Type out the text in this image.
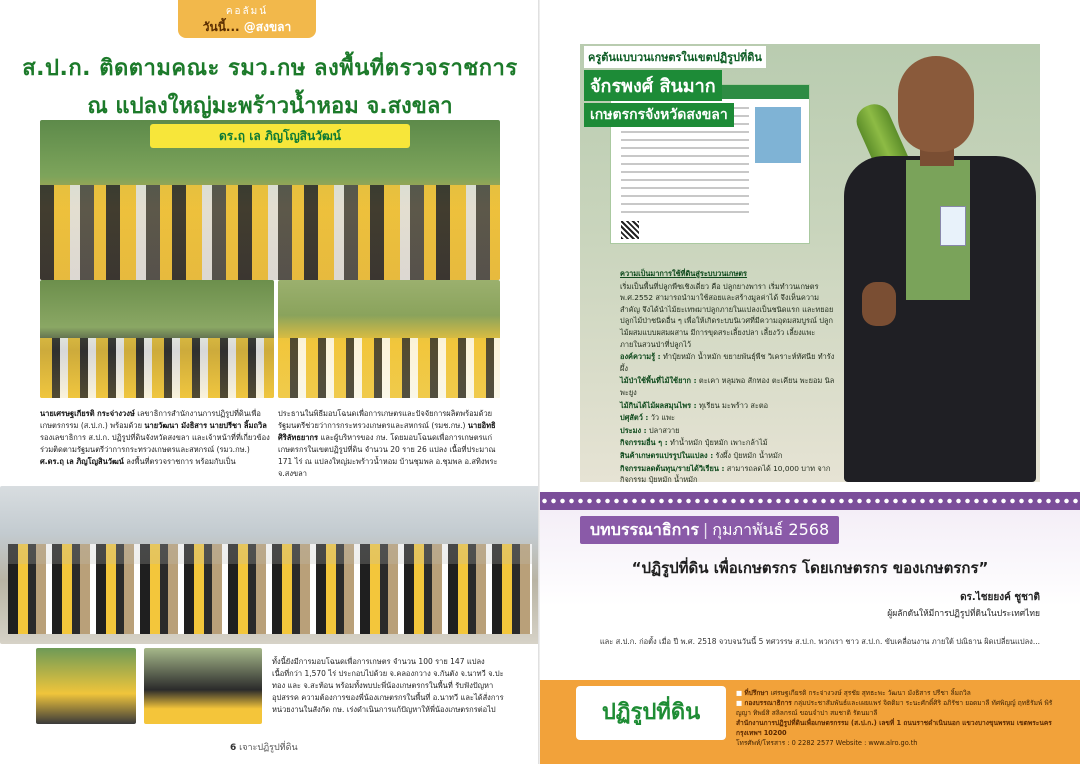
คอลัมน์
วันนี้... @สงขลา
ส.ป.ก. ติดตามคณะ รมว.กษ ลงพื้นที่ตรวจราชการ
ดร.ฤ เล ภิญโญสินวัฒน์
ณ แปลงใหญ่มะพร้าวน้ำหอม จ.สงขลา

นายเศรษฐเกียรติ กระจ่างวงษ์ เลขาธิการสำนักงานการปฏิรูปที่ดินเพื่อเกษตรกรรม (ส.ป.ก.) พร้อมด้วย นายวัฒนา มังธิสาร นายปรีชา ลิ้มถวิล รองเลขาธิการ ส.ป.ก. ปฏิรูปที่ดินจังหวัดสงขลา และเจ้าหน้าที่ที่เกี่ยวข้องร่วมติดตามรัฐมนตรีว่าการกระทรวงเกษตรและสหกรณ์ (รมว.กษ.) ศ.ดร.ฤ เล ภิญโญสินวัฒน์ ลงพื้นที่ตรวจราชการ พร้อมกับเป็น

ประธานในพิธีมอบโฉนดเพื่อการเกษตรและปัจจัยการผลิตพร้อมด้วยรัฐมนตรีช่วยว่าการกระทรวงเกษตรและสหกรณ์ (รมช.กษ.) นายอิทธิ ศิริลัทธยากร และผู้บริหารของ กษ. โดยมอบโฉนดเพื่อการเกษตรแก่เกษตรกรในเขตปฏิรูปที่ดิน จำนวน 20 ราย 26 แปลง เนื้อที่ประมาณ 171 ไร่ ณ แปลงใหญ่มะพร้าวน้ำหอม บ้านชุมพล อ.ชุมพล อ.สทิงพระ จ.สงขลา

ทั้งนี้ยังมีการมอบโฉนดเพื่อการเกษตร จำนวน 100 ราย 147 แปลง เนื้อที่กว่า 1,570 ไร่ ประกอบไปด้วย จ.คลองกวาง จ.กันตัง จ.นาทวี จ.ปะทอง และ จ.สะท้อน พร้อมทั้งพบปะพี่น้องเกษตรกรในพื้นที่ รับฟังปัญหา อุปสรรค ความต้องการของพี่น้องเกษตรกรในพื้นที่ อ.นาทวี และได้สั่งการหน่วยงานในสังกัด กษ. เร่งดำเนินการแก้ปัญหาให้พี่น้องเกษตรกรต่อไป

6 เจาะปฏิรูปที่ดิน
ครูต้นแบบวนเกษตรในเขตปฏิรูปที่ดิน
จักรพงศ์ สินมาก
เกษตรกรจังหวัดสงขลา
ความเป็นมาการใช้ที่ดินสู่ระบบวนเกษตร
เริ่มเป็นพื้นที่ปลูกพืชเชิงเดี่ยว คือ ปลูกยางพารา เริ่มทำวนเกษตร พ.ศ.2552 สามารถนำมาใช้สอยและสร้างมูลค่าได้ จึงเห็นความสำคัญ จึงได้นำไม้ยะเทพมาปลูกภายในแปลงเป็นชนิดแรก และทยอยปลูกไม้ป่าชนิดอื่น ๆ เพื่อให้เกิดระบบนิเวศที่มีความอุดมสมบูรณ์ ปลูกไม้ผสมแบบผสมผสาน มีการขุดสระเลี้ยงปลา เลี้ยงวัว เลี้ยงแพะ ภายในสวนป่าที่ปลูกไว้
องค์ความรู้ : ทำปุ๋ยหมัก น้ำหมัก ขยายพันธุ์พืช วิเคราะห์ทัศนีย ทำรังผึ้ง
ไม้ป่าใช้พื้นที่ไม้ใช้ยาก : ตะเคา หลุมพอ สักทอง ตะเคียน พะยอม นิล พะยูง
ไม้กินได้ไม้ผลสมุนไพร : ทุเรียน มะพร้าว สะตอ
ปศุสัตว์ : วัว แพะ
ประมง : ปลาสวาย
กิจกรรมอื่น ๆ : ทำน้ำหมัก ปุ๋ยหมัก เพาะกล้าไม้
สินค้าเกษตรแปรรูปในแปลง : รังผึ้ง ปุ๋ยหมัก น้ำหมัก
กิจกรรมลดต้นทุน/รายได้วิเรียน : สามารถลดได้ 10,000 บาท จากกิจกรรม ปุ๋ยหมัก น้ำหมัก
บทบรรณาธิการ | กุมภาพันธ์ 2568
“ปฏิรูปที่ดิน เพื่อเกษตรกร โดยเกษตรกร ของเกษตรกร”
ดร.ไชยยงค์ ชูชาติ
ผู้ผลักดันให้มีการปฏิรูปที่ดินในประเทศไทย
และ ส.ป.ก. ก่อตั้ง เมื่อ ปี พ.ศ. 2518 จวบจนวันนี้ 5 ทศวรรษ ส.ป.ก. พวกเรา ชาว ส.ป.ก. ขับเคลื่อนงาน ภายใต้ ปณิธาน ผิดเปลี่ยนแปลง...
ปฏิรูปที่ดิน
■ ที่ปรึกษา เศรษฐเกียรติ กระจ่างวงษ์ สุรชัย สุทธะพะ วัฒนา มังธิสาร ปรีชา ลิ้มถวิล
■ กองบรรณาธิการ กลุ่มประชาสัมพันธ์และเผยแพร่ จิตติมา ระนะศักดิ์ศิริ อภิรัชา ยอดมาลี ทัศพิญญ์ ฤทธิรัมพ์ พิรัญญา ทิพย์สิ สลิลกรณ์ ขอนจำปา สมชาติ รัตนมาลี
สำนักงานการปฏิรูปที่ดินเพื่อเกษตรกรรม (ส.ป.ก.) เลขที่ 1 ถนนราชดำเนินนอก แขวงบางขุนพรหม เขตพระนคร กรุงเทพฯ 10200
โทรศัพท์/โทรสาร : 0 2282 2577 Website : www.alro.go.th
